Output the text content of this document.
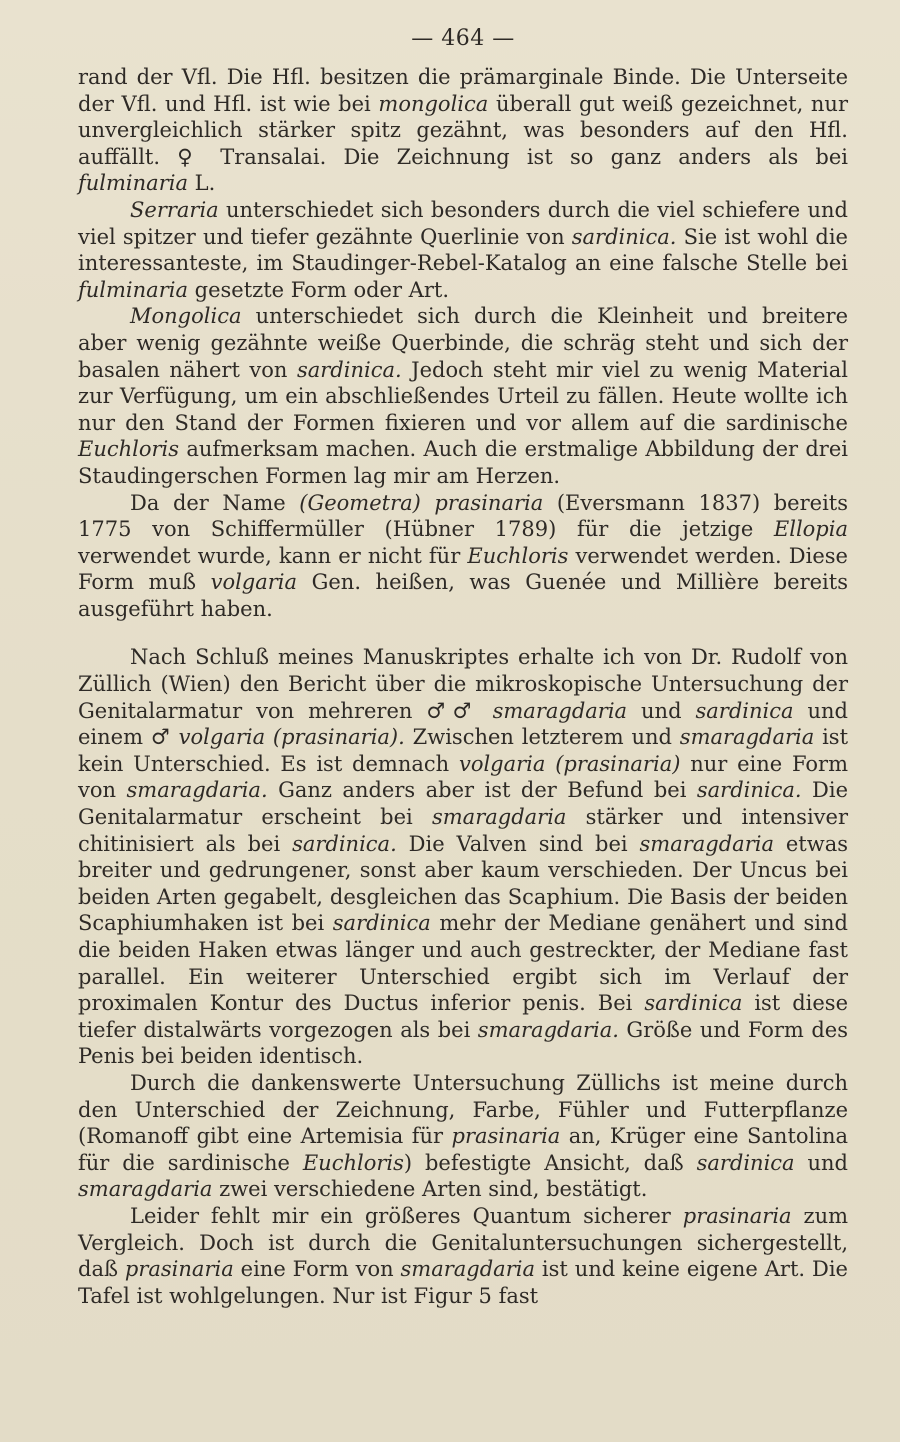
— 464 —

rand der Vfl. Die Hfl. besitzen die prämarginale Binde. Die Unterseite der Vfl. und Hfl. ist wie bei mongolica überall gut weiß gezeichnet, nur unvergleichlich stärker spitz gezähnt, was besonders auf den Hfl. auffällt. ♀ Transalai. Die Zeichnung ist so ganz anders als bei fulminaria L.

Serraria unterschiedet sich besonders durch die viel schiefere und viel spitzer und tiefer gezähnte Querlinie von sardinica. Sie ist wohl die interessanteste, im Staudinger-Rebel-Katalog an eine falsche Stelle bei fulminaria gesetzte Form oder Art.

Mongolica unterschiedet sich durch die Kleinheit und breitere aber wenig gezähnte weiße Querbinde, die schräg steht und sich der basalen nähert von sardinica. Jedoch steht mir viel zu wenig Material zur Verfügung, um ein abschließendes Urteil zu fällen. Heute wollte ich nur den Stand der Formen fixieren und vor allem auf die sardinische Euchloris aufmerksam machen. Auch die erstmalige Abbildung der drei Staudingerschen Formen lag mir am Herzen.

Da der Name (Geometra) prasinaria (Eversmann 1837) bereits 1775 von Schiffermüller (Hübner 1789) für die jetzige Ellopia verwendet wurde, kann er nicht für Euchloris verwendet werden. Diese Form muß volgaria Gen. heißen, was Guenée und Millière bereits ausgeführt haben.

Nach Schluß meines Manuskriptes erhalte ich von Dr. Rudolf von Züllich (Wien) den Bericht über die mikroskopische Untersuchung der Genitalarmatur von mehreren ♂♂ smaragdaria und sardinica und einem ♂ volgaria (prasinaria). Zwischen letzterem und smaragdaria ist kein Unterschied. Es ist demnach volgaria (prasinaria) nur eine Form von smaragdaria. Ganz anders aber ist der Befund bei sardinica. Die Genitalarmatur erscheint bei smaragdaria stärker und intensiver chitinisiert als bei sardinica. Die Valven sind bei smaragdaria etwas breiter und gedrungener, sonst aber kaum verschieden. Der Uncus bei beiden Arten gegabelt, desgleichen das Scaphium. Die Basis der beiden Scaphiumhaken ist bei sardinica mehr der Mediane genähert und sind die beiden Haken etwas länger und auch gestreckter, der Mediane fast parallel. Ein weiterer Unterschied ergibt sich im Verlauf der proximalen Kontur des Ductus inferior penis. Bei sardinica ist diese tiefer distalwärts vorgezogen als bei smaragdaria. Größe und Form des Penis bei beiden identisch.

Durch die dankenswerte Untersuchung Züllichs ist meine durch den Unterschied der Zeichnung, Farbe, Fühler und Futterpflanze (Romanoff gibt eine Artemisia für prasinaria an, Krüger eine Santolina für die sardinische Euchloris) befestigte Ansicht, daß sardinica und smaragdaria zwei verschiedene Arten sind, bestätigt.

Leider fehlt mir ein größeres Quantum sicherer prasinaria zum Vergleich. Doch ist durch die Genitaluntersuchungen sichergestellt, daß prasinaria eine Form von smaragdaria ist und keine eigene Art. Die Tafel ist wohlgelungen. Nur ist Figur 5 fast
